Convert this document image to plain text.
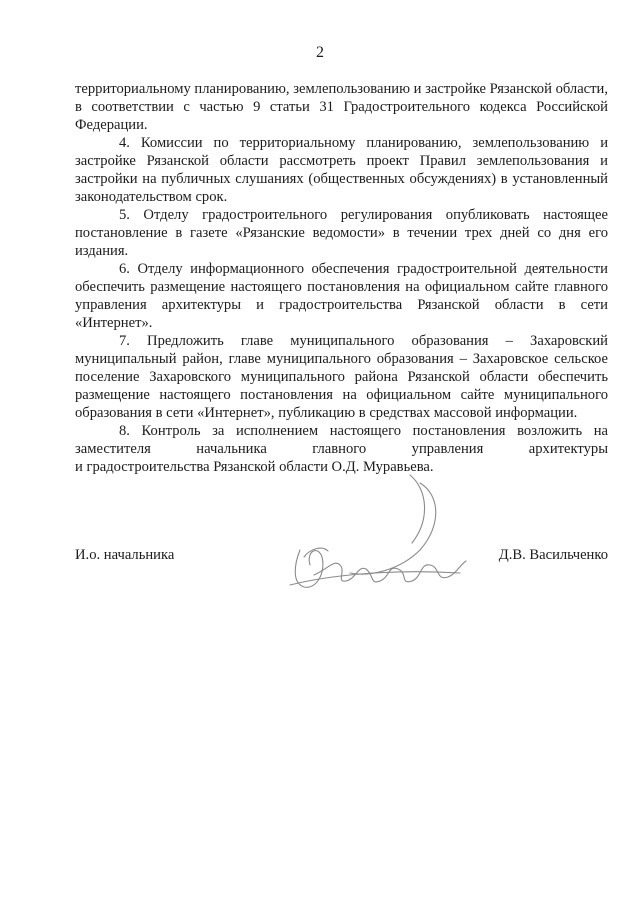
2

территориальному планированию, землепользованию и застройке Рязанской области, в соответствии с частью 9 статьи 31 Градостроительного кодекса Российской Федерации.

4. Комиссии по территориальному планированию, землепользованию и застройке Рязанской области рассмотреть проект Правил землепользования и застройки на публичных слушаниях (общественных обсуждениях) в установленный законодательством срок.

5. Отделу градостроительного регулирования опубликовать настоящее постановление в газете «Рязанские ведомости» в течении трех дней со дня его издания.

6. Отделу информационного обеспечения градостроительной деятельности обеспечить размещение настоящего постановления на официальном сайте главного управления архитектуры и градостроительства Рязанской области в сети «Интернет».

7. Предложить главе муниципального образования – Захаровский муниципальный район, главе муниципального образования – Захаровское сельское поселение Захаровского муниципального района Рязанской области обеспечить размещение настоящего постановления на официальном сайте муниципального образования в сети «Интернет», публикацию в средствах массовой информации.

8. Контроль за исполнением настоящего постановления возложить на заместителя начальника главного управления архитектуры

и градостроительства Рязанской области О.Д. Муравьева.

И.о. начальника	Д.В. Васильченко
